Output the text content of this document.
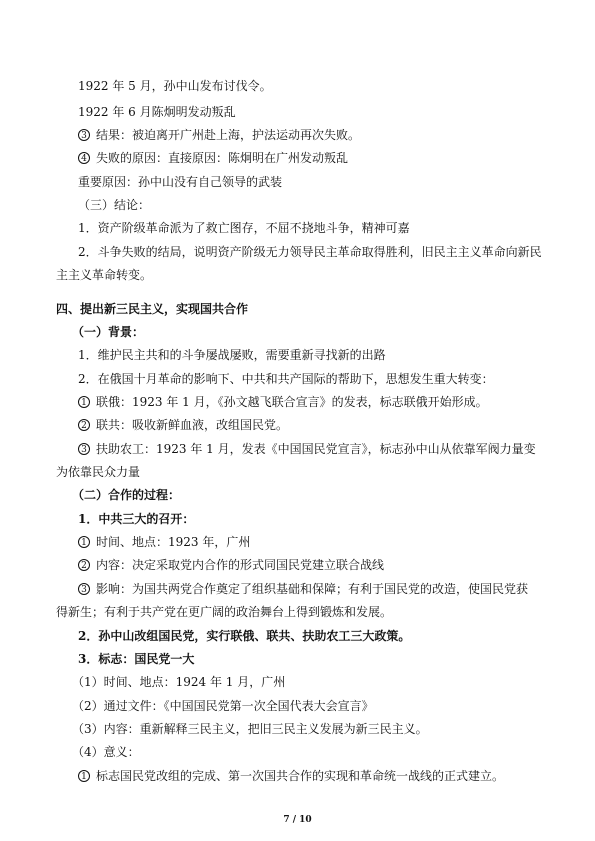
1922 年 5 月，孙中山发布讨伐令。
1922 年 6 月陈炯明发动叛乱
3 结果：被迫离开广州赴上海，护法运动再次失败。
4 失败的原因：直接原因：陈炯明在广州发动叛乱
重要原因：孙中山没有自己领导的武装
（三）结论：
1．资产阶级革命派为了救亡图存，不屈不挠地斗争，精神可嘉
2．斗争失败的结局，说明资产阶级无力领导民主革命取得胜利，旧民主主义革命向新民
主主义革命转变。
四、提出新三民主义，实现国共合作
（一）背景：
1．维护民主共和的斗争屡战屡败，需要重新寻找新的出路
2．在俄国十月革命的影响下、中共和共产国际的帮助下，思想发生重大转变：
1 联俄：1923 年 1 月，《孙文越飞联合宣言》的发表，标志联俄开始形成。
2 联共：吸收新鲜血液，改组国民党。
3 扶助农工：1923 年 1 月，发表《中国国民党宣言》，标志孙中山从依靠军阀力量变
为依靠民众力量
（二）合作的过程：
1．中共三大的召开：
1 时间、地点：1923 年，广州
2 内容：决定采取党内合作的形式同国民党建立联合战线
3 影响：为国共两党合作奠定了组织基础和保障；有利于国民党的改造，使国民党获
得新生；有利于共产党在更广阔的政治舞台上得到锻炼和发展。
2．孙中山改组国民党，实行联俄、联共、扶助农工三大政策。
3．标志：国民党一大
（1）时间、地点：1924 年 1 月，广州
（2）通过文件：《中国国民党第一次全国代表大会宣言》
（3）内容：重新解释三民主义，把旧三民主义发展为新三民主义。
（4）意义：
1 标志国民党改组的完成、第一次国共合作的实现和革命统一战线的正式建立。
7 / 10
